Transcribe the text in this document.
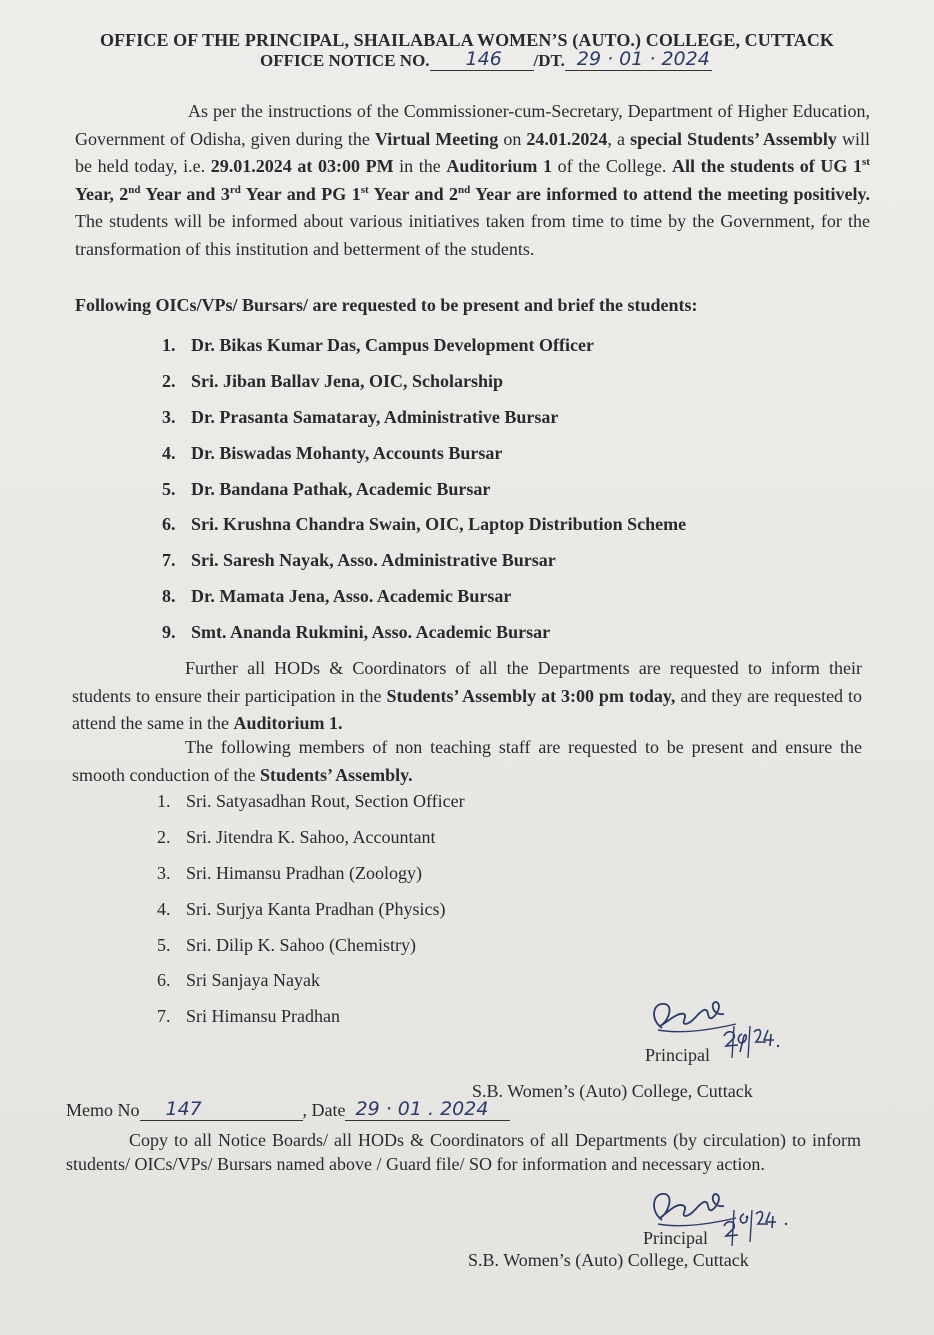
OFFICE OF THE PRINCIPAL, SHAILABALA WOMEN’S (AUTO.) COLLEGE, CUTTACK
OFFICE NOTICE NO. 146 /DT. 29 · 01 · 2024
As per the instructions of the Commissioner-cum-Secretary, Department of Higher Education, Government of Odisha, given during the Virtual Meeting on 24.01.2024, a special Students’ Assembly will be held today, i.e. 29.01.2024 at 03:00 PM in the Auditorium 1 of the College. All the students of UG 1st Year, 2nd Year and 3rd Year and PG 1st Year and 2nd Year are informed to attend the meeting positively. The students will be informed about various initiatives taken from time to time by the Government, for the transformation of this institution and betterment of the students.
Following OICs/VPs/ Bursars/ are requested to be present and brief the students:
1. Dr. Bikas Kumar Das, Campus Development Officer
2. Sri. Jiban Ballav Jena, OIC, Scholarship
3. Dr. Prasanta Samataray, Administrative Bursar
4. Dr. Biswadas Mohanty, Accounts Bursar
5. Dr. Bandana Pathak, Academic Bursar
6. Sri. Krushna Chandra Swain, OIC, Laptop Distribution Scheme
7. Sri. Saresh Nayak, Asso. Administrative Bursar
8. Dr. Mamata Jena, Asso. Academic Bursar
9. Smt. Ananda Rukmini, Asso. Academic Bursar
Further all HODs & Coordinators of all the Departments are requested to inform their students to ensure their participation in the Students’ Assembly at 3:00 pm today, and they are requested to attend the same in the Auditorium 1.
The following members of non teaching staff are requested to be present and ensure the smooth conduction of the Students’ Assembly.
1. Sri. Satyasadhan Rout, Section Officer
2. Sri. Jitendra K. Sahoo, Accountant
3. Sri. Himansu Pradhan (Zoology)
4. Sri. Surjya Kanta Pradhan (Physics)
5. Sri. Dilip K. Sahoo (Chemistry)
6. Sri Sanjaya Nayak
7. Sri Himansu Pradhan
Principal
S.B. Women’s (Auto) College, Cuttack
Memo No 147	, Date 29 · 01 . 2024
Copy to all Notice Boards/ all HODs & Coordinators of all Departments (by circulation) to inform students/ OICs/VPs/ Bursars named above / Guard file/ SO for information and necessary action.
Principal
S.B. Women’s (Auto) College, Cuttack
